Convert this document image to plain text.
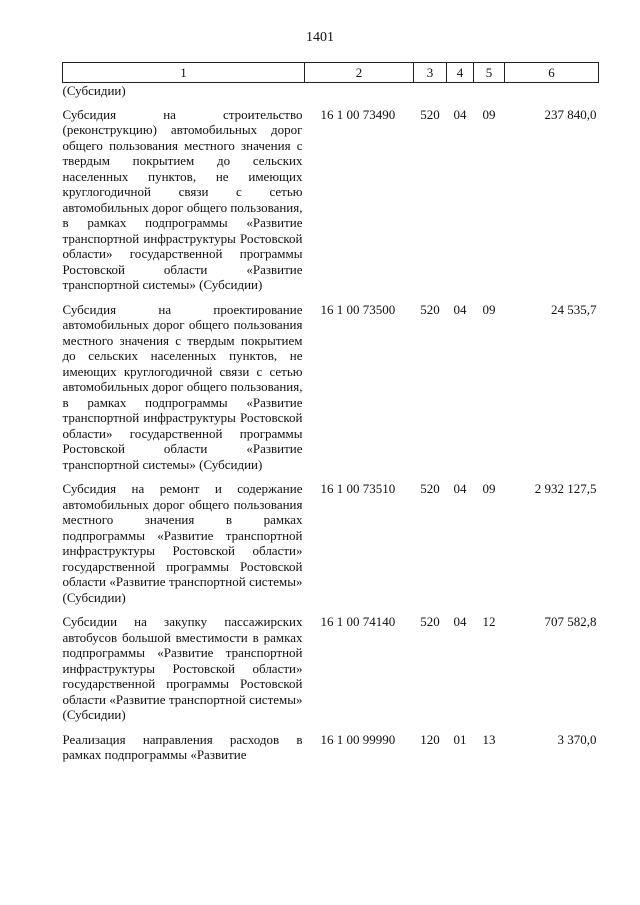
1401
1	2	3	4	5	6
(Субсидии)					
Субсидия на строительство (реконструкцию) автомобильных дорог общего пользования местного значения с твердым покрытием до сельских населенных пунктов, не имеющих круглогодичной связи с сетью автомобильных дорог общего пользования, в рамках подпрограммы «Развитие транспортной инфраструктуры Ростовской области» государственной программы Ростовской области «Развитие транспортной системы» (Субсидии)	16 1 00 73490	520	04	09	237 840,0
Субсидия на проектирование автомобильных дорог общего пользования местного значения с твердым покрытием до сельских населенных пунктов, не имеющих круглогодичной связи с сетью автомобильных дорог общего пользования, в рамках подпрограммы «Развитие транспортной инфраструктуры Ростовской области» государственной программы Ростовской области «Развитие транспортной системы» (Субсидии)	16 1 00 73500	520	04	09	24 535,7
Субсидия на ремонт и содержание автомобильных дорог общего пользования местного значения в рамках подпрограммы «Развитие транспортной инфраструктуры Ростовской области» государственной программы Ростовской области «Развитие транспортной системы» (Субсидии)	16 1 00 73510	520	04	09	2 932 127,5
Субсидии на закупку пассажирских автобусов большой вместимости в рамках подпрограммы «Развитие транспортной инфраструктуры Ростовской области» государственной программы Ростовской области «Развитие транспортной системы» (Субсидии)	16 1 00 74140	520	04	12	707 582,8
Реализация направления расходов в рамках подпрограммы «Развитие	16 1 00 99990	120	01	13	3 370,0
